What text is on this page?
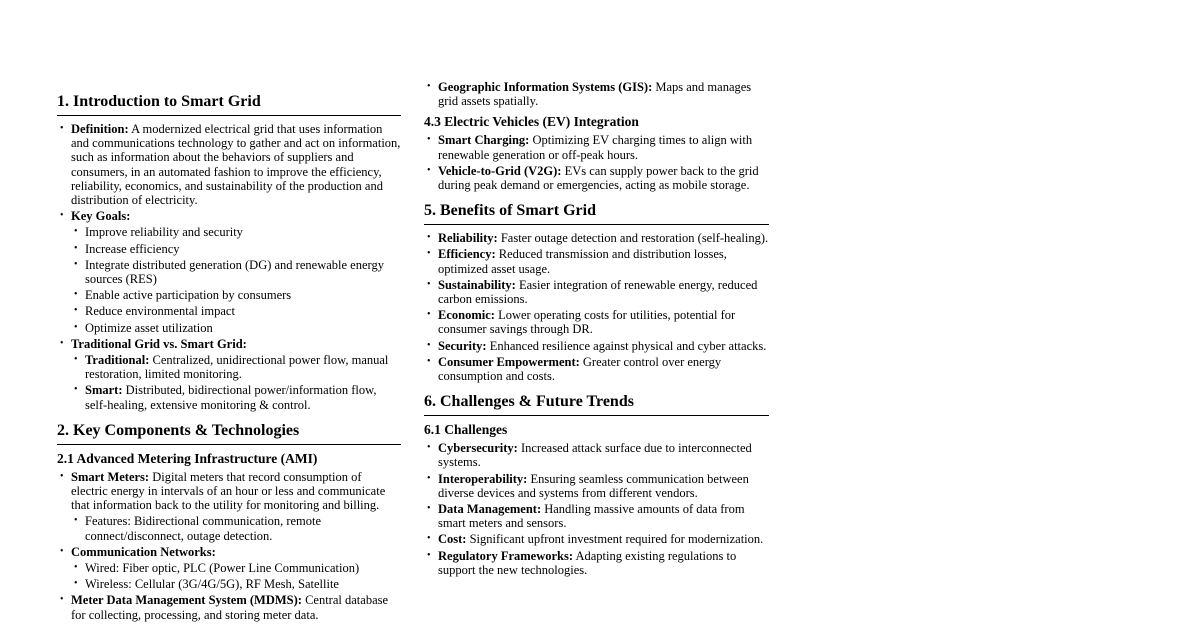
1. Introduction to Smart Grid
• Definition: A modernized electrical grid that uses information and communications technology to gather and act on information, such as information about the behaviors of suppliers and consumers, in an automated fashion to improve the efficiency, reliability, economics, and sustainability of the production and distribution of electricity.
• Key Goals:
• Improve reliability and security
• Increase efficiency
• Integrate distributed generation (DG) and renewable energy sources (RES)
• Enable active participation by consumers
• Reduce environmental impact
• Optimize asset utilization
• Traditional Grid vs. Smart Grid:
• Traditional: Centralized, unidirectional power flow, manual restoration, limited monitoring.
• Smart: Distributed, bidirectional power/information flow, self-healing, extensive monitoring & control.
2. Key Components & Technologies
2.1 Advanced Metering Infrastructure (AMI)
• Smart Meters: Digital meters that record consumption of electric energy in intervals of an hour or less and communicate that information back to the utility for monitoring and billing.
• Features: Bidirectional communication, remote connect/disconnect, outage detection.
• Communication Networks:
• Wired: Fiber optic, PLC (Power Line Communication)
• Wireless: Cellular (3G/4G/5G), RF Mesh, Satellite
• Meter Data Management System (MDMS): Central database for collecting, processing, and storing meter data.
• Geographic Information Systems (GIS): Maps and manages grid assets spatially.
4.3 Electric Vehicles (EV) Integration
• Smart Charging: Optimizing EV charging times to align with renewable generation or off-peak hours.
• Vehicle-to-Grid (V2G): EVs can supply power back to the grid during peak demand or emergencies, acting as mobile storage.
5. Benefits of Smart Grid
• Reliability: Faster outage detection and restoration (self-healing).
• Efficiency: Reduced transmission and distribution losses, optimized asset usage.
• Sustainability: Easier integration of renewable energy, reduced carbon emissions.
• Economic: Lower operating costs for utilities, potential for consumer savings through DR.
• Security: Enhanced resilience against physical and cyber attacks.
• Consumer Empowerment: Greater control over energy consumption and costs.
6. Challenges & Future Trends
6.1 Challenges
• Cybersecurity: Increased attack surface due to interconnected systems.
• Interoperability: Ensuring seamless communication between diverse devices and systems from different vendors.
• Data Management: Handling massive amounts of data from smart meters and sensors.
• Cost: Significant upfront investment required for modernization.
• Regulatory Frameworks: Adapting existing regulations to support the new technologies.
